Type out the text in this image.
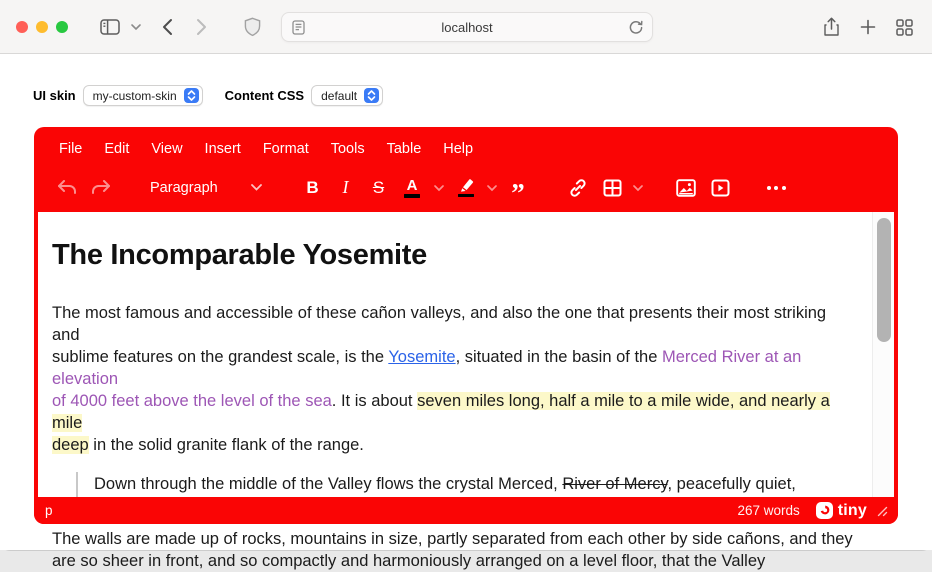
localhost
UI skin my-custom-skin	Content CSS default
File	Edit	View	Insert	Format	Tools	Table	Help
Paragraph	B I S A	”
The Incomparable Yosemite

The most famous and accessible of these cañon valleys, and also the one that presents their most striking and
sublime features on the grandest scale, is the Yosemite, situated in the basin of the Merced River at an elevation
of 4000 feet above the level of the sea. It is about seven miles long, half a mile to a mile wide, and nearly a mile
deep in the solid granite flank of the range.

Down through the middle of the Valley flows the crystal Merced, River of Mercy, peacefully quiet,

The walls are made up of rocks, mountains in size, partly separated from each other by side cañons, and they
are so sheer in front, and so compactly and harmoniously arranged on a level floor, that the Valley

p	267 words tiny
